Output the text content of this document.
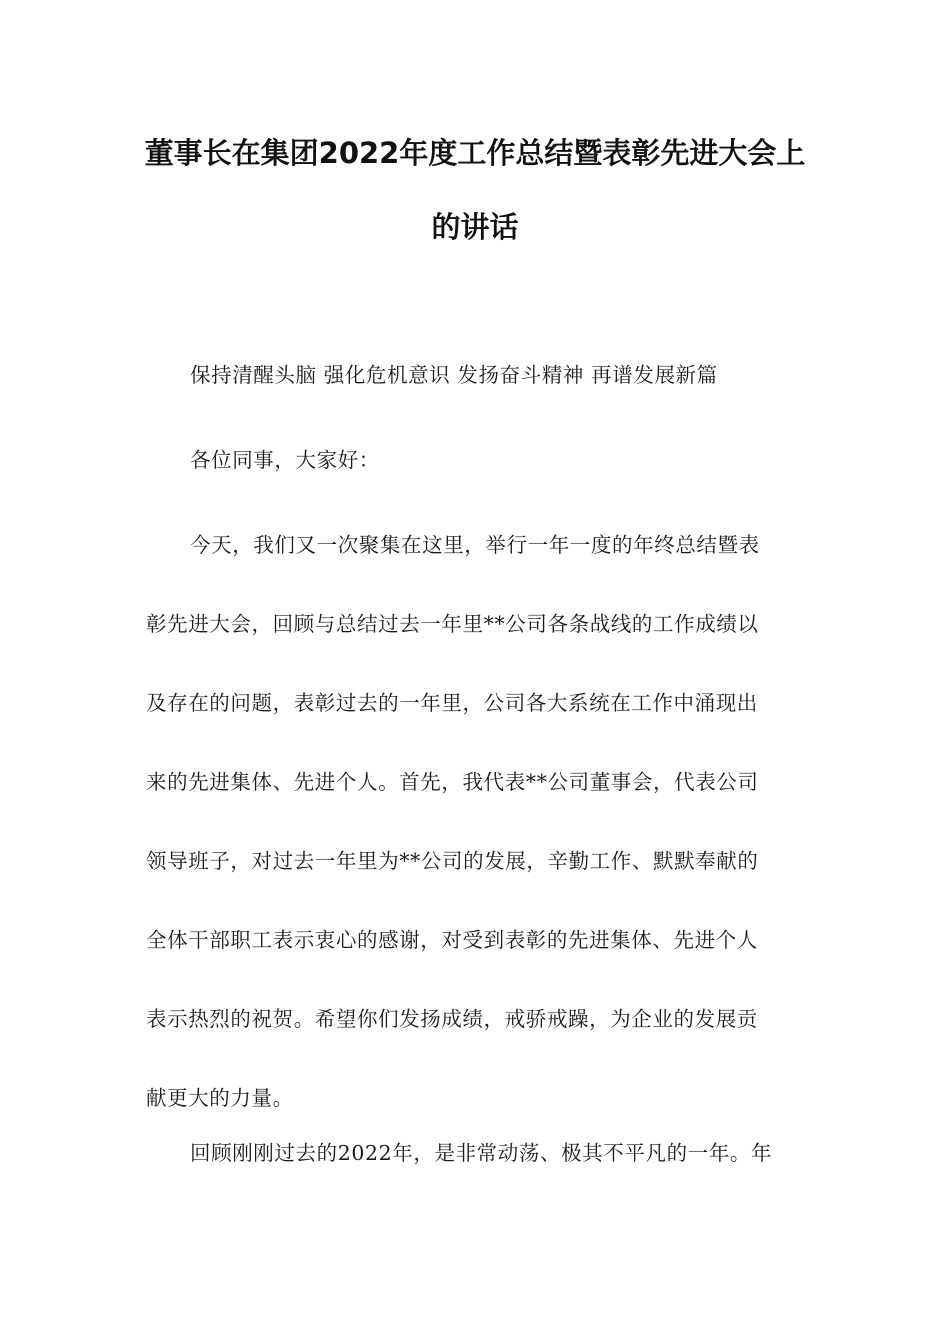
董事长在集团2022年度工作总结暨表彰先进大会上
的讲话
保持清醒头脑 强化危机意识 发扬奋斗精神 再谱发展新篇
各位同事，大家好：
今天，我们又一次聚集在这里，举行一年一度的年终总结暨表
彰先进大会，回顾与总结过去一年里**公司各条战线的工作成绩以
及存在的问题，表彰过去的一年里，公司各大系统在工作中涌现出
来的先进集体、先进个人。首先，我代表**公司董事会，代表公司
领导班子，对过去一年里为**公司的发展，辛勤工作、默默奉献的
全体干部职工表示衷心的感谢，对受到表彰的先进集体、先进个人
表示热烈的祝贺。希望你们发扬成绩，戒骄戒躁，为企业的发展贡
献更大的力量。
回顾刚刚过去的2022年，是非常动荡、极其不平凡的一年。年
